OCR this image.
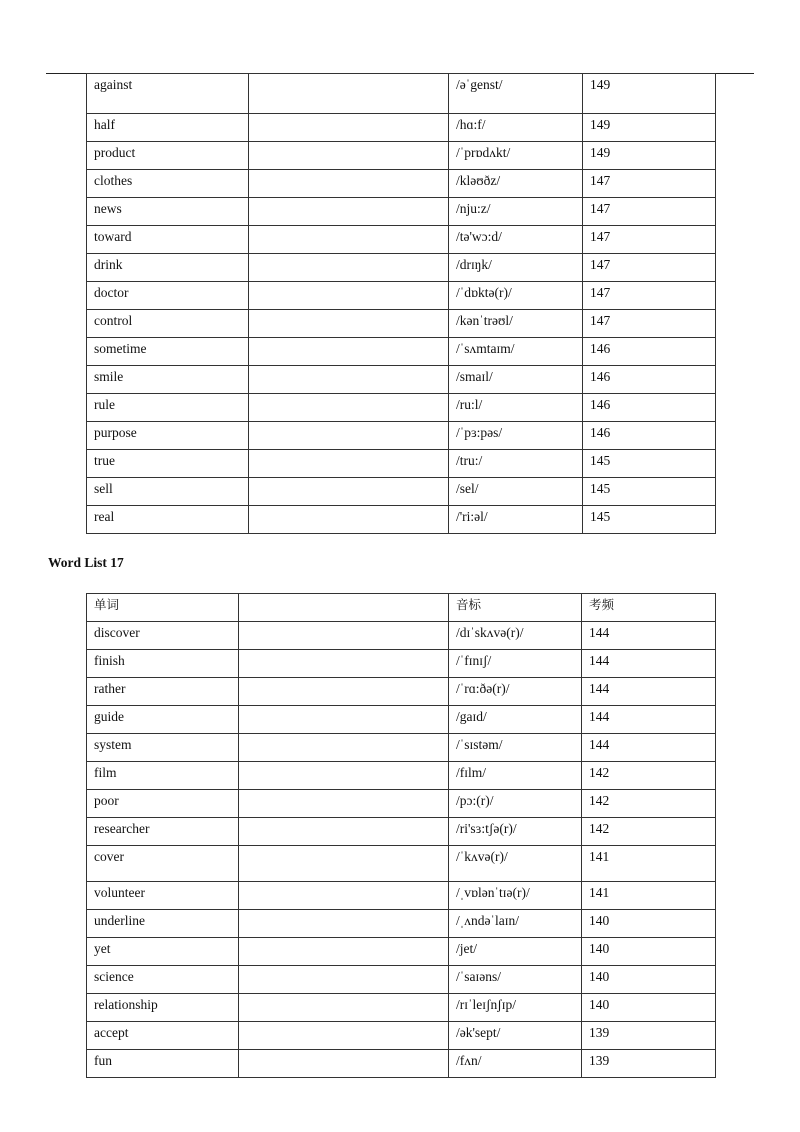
against		/əˈgenst/	149
half		/hɑ:f/	149
product		/ˈprɒdʌkt/	149
clothes		/kləʊðz/	147
news		/nju:z/	147
toward		/tə'wɔ:d/	147
drink		/drɪŋk/	147
doctor		/ˈdɒktə(r)/	147
control		/kənˈtrəʊl/	147
sometime		/ˈsʌmtaɪm/	146
smile		/smaɪl/	146
rule		/ru:l/	146
purpose		/ˈpɜ:pəs/	146
true		/tru:/	145
sell		/sel/	145
real		/'ri:əl/	145
Word List 17
单词		音标	考频
discover		/dɪˈskʌvə(r)/	144
finish		/ˈfɪnɪʃ/	144
rather		/ˈrɑ:ðə(r)/	144
guide		/gaɪd/	144
system		/ˈsɪstəm/	144
film		/fɪlm/	142
poor		/pɔ:(r)/	142
researcher		/ri'sɜ:tʃə(r)/	142
cover		/ˈkʌvə(r)/	141
volunteer		/ˌvɒlənˈtɪə(r)/	141
underline		/ˌʌndəˈlaɪn/	140
yet		/jet/	140
science		/ˈsaɪəns/	140
relationship		/rɪˈleɪʃnʃɪp/	140
accept		/ək'sept/	139
fun		/fʌn/	139
